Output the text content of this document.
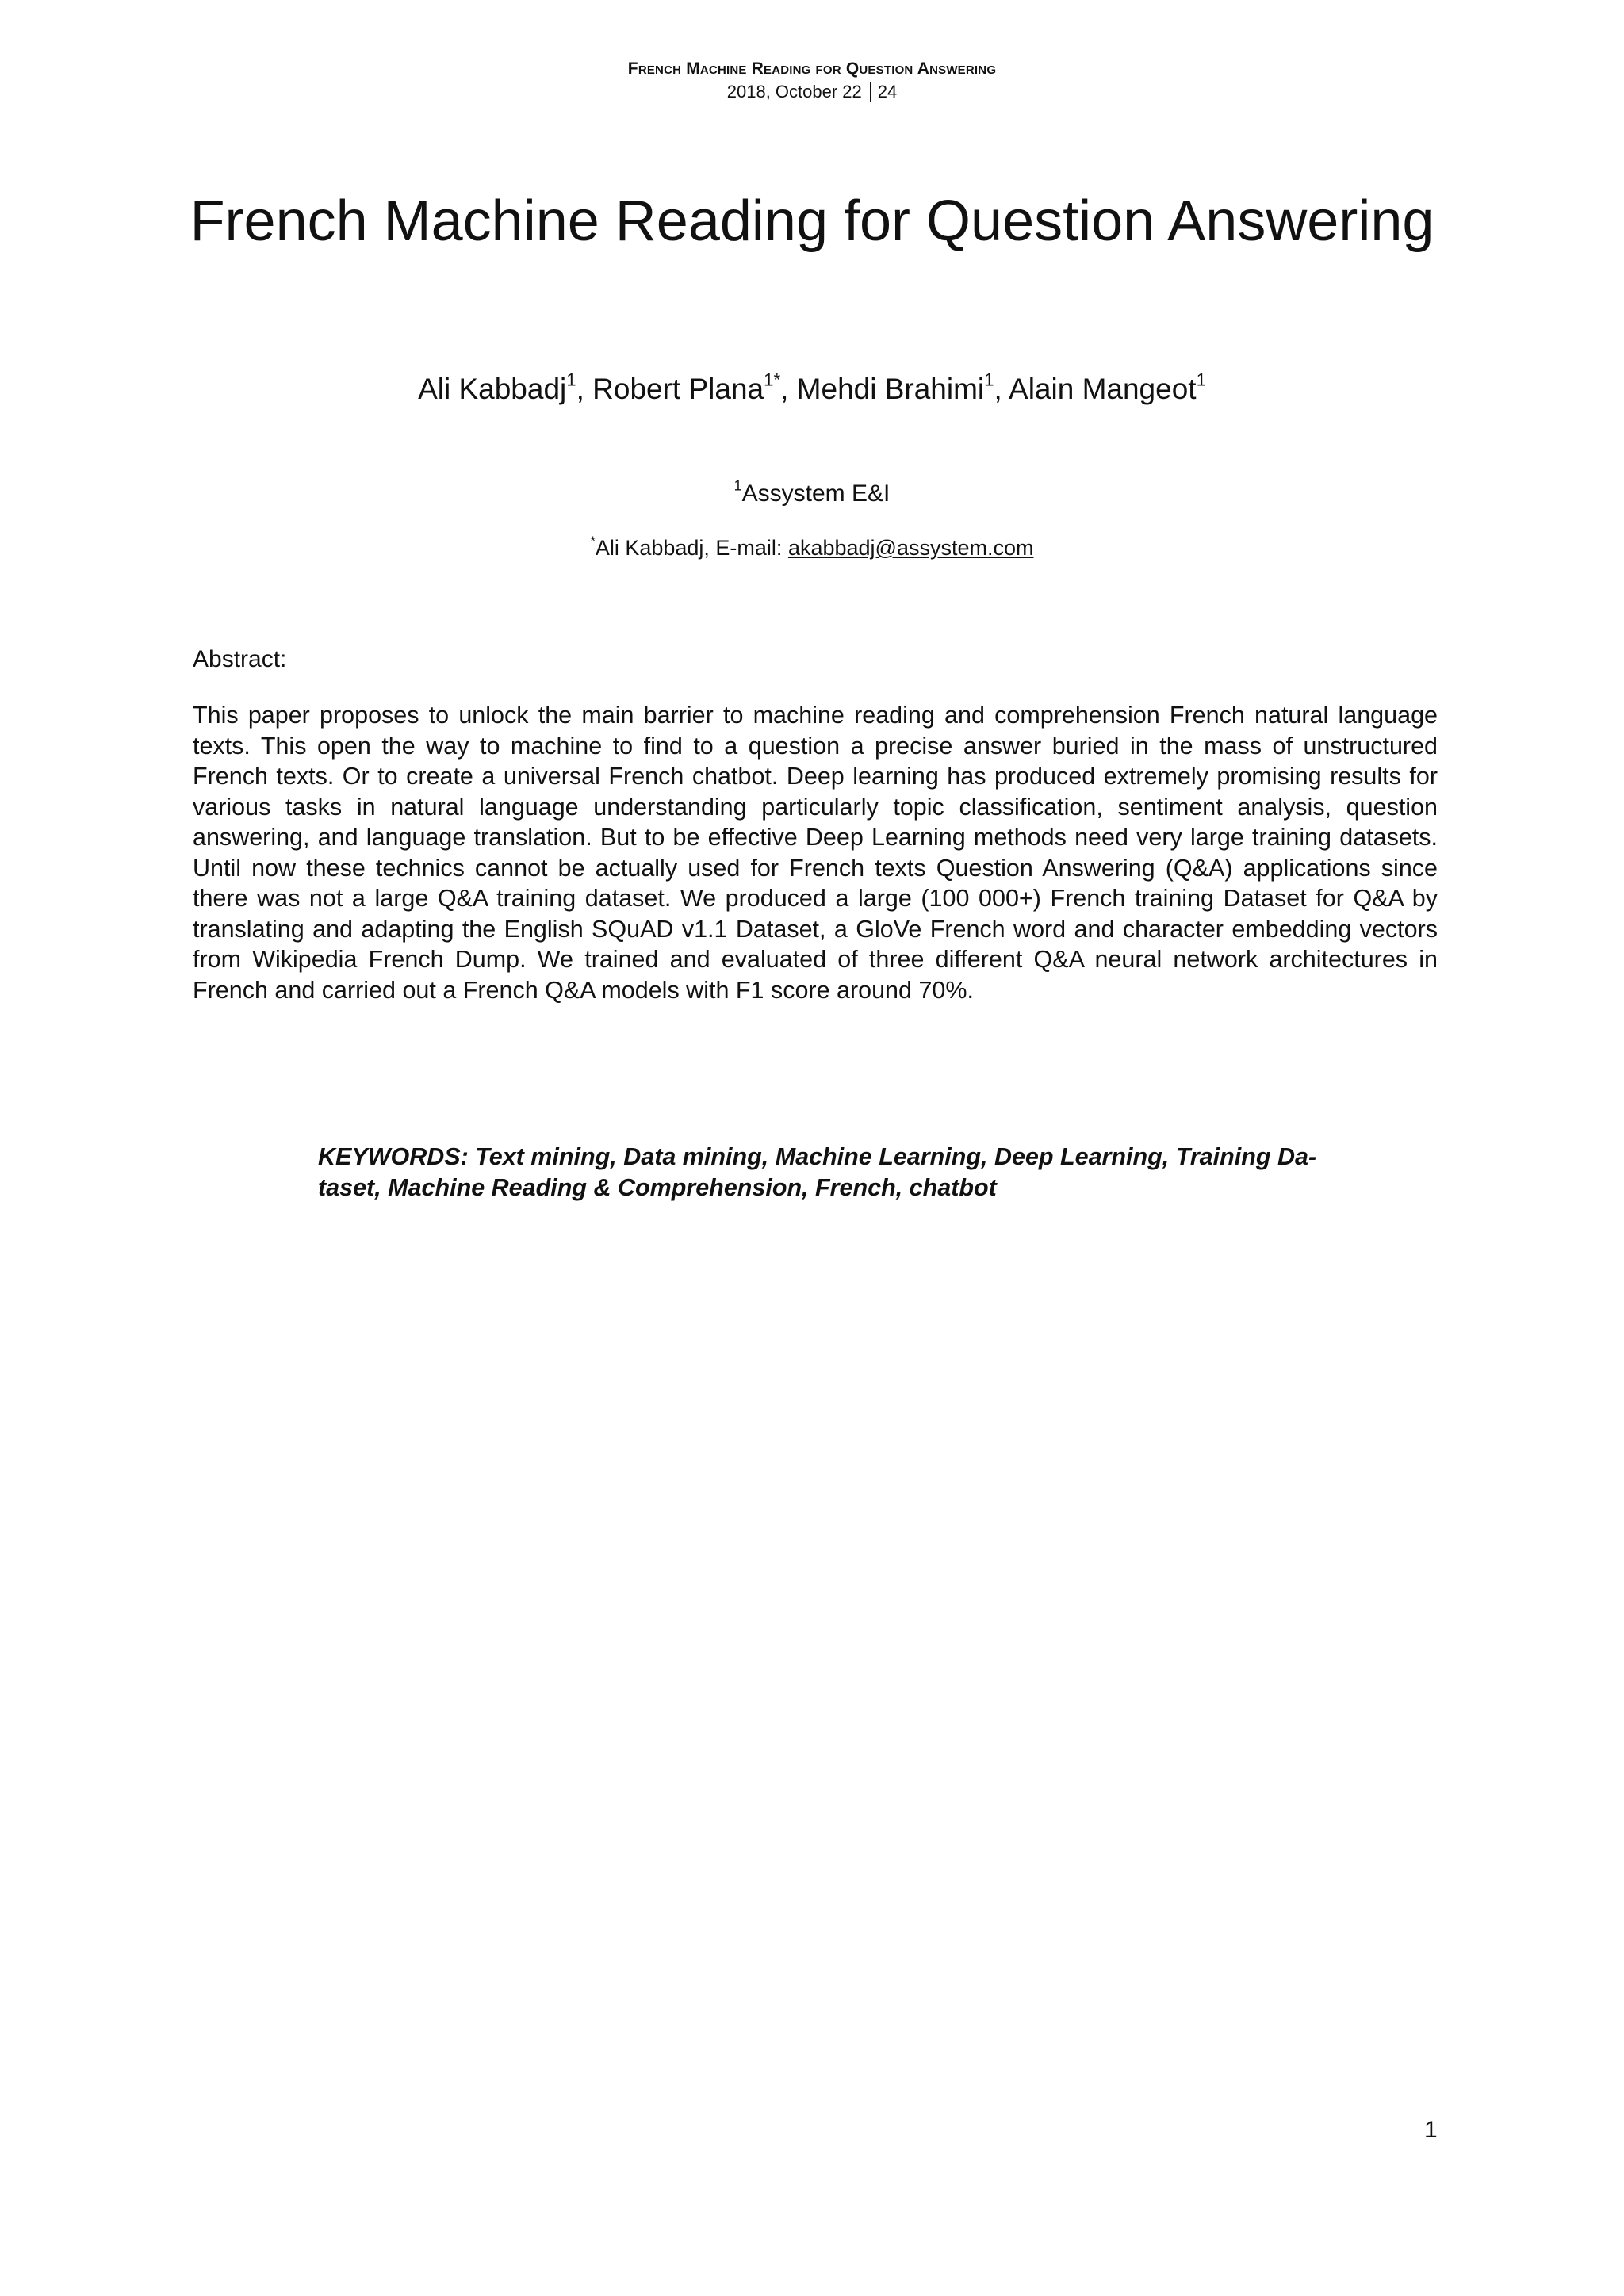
French Machine Reading for Question Answering
2018, October 22 24
French Machine Reading for Question Answering
Ali Kabbadj$^1$, Robert Plana$^{1*}$, Mehdi Brahimi$^1$, Alain Mangeot$^1$
$^1$Assystem E&I
*Ali Kabbadj, E-mail: akabbadj@assystem.com
Abstract:

This paper proposes to unlock the main barrier to machine reading and comprehension French natural language texts. This open the way to machine to find to a question a precise answer buried in the mass of unstructured French texts. Or to create a universal French chatbot. Deep learning has produced extremely promising results for various tasks in natural language understanding particularly topic classification, sentiment analysis, question answering, and language translation. But to be effective Deep Learning methods need very large training datasets. Until now these technics cannot be actually used for French texts Question Answering (Q&A) applications since there was not a large Q&A training dataset. We produced a large (100 000+) French training Dataset for Q&A by translating and adapting the English SQuAD v1.1 Dataset, a GloVe French word and character embedding vectors from Wikipedia French Dump. We trained and evaluated of three different Q&A neural network architectures in French and carried out a French Q&A models with F1 score around 70%.

KEYWORDS: Text mining, Data mining, Machine Learning, Deep Learning, Training Da-
taset, Machine Reading & Comprehension, French, chatbot
1
